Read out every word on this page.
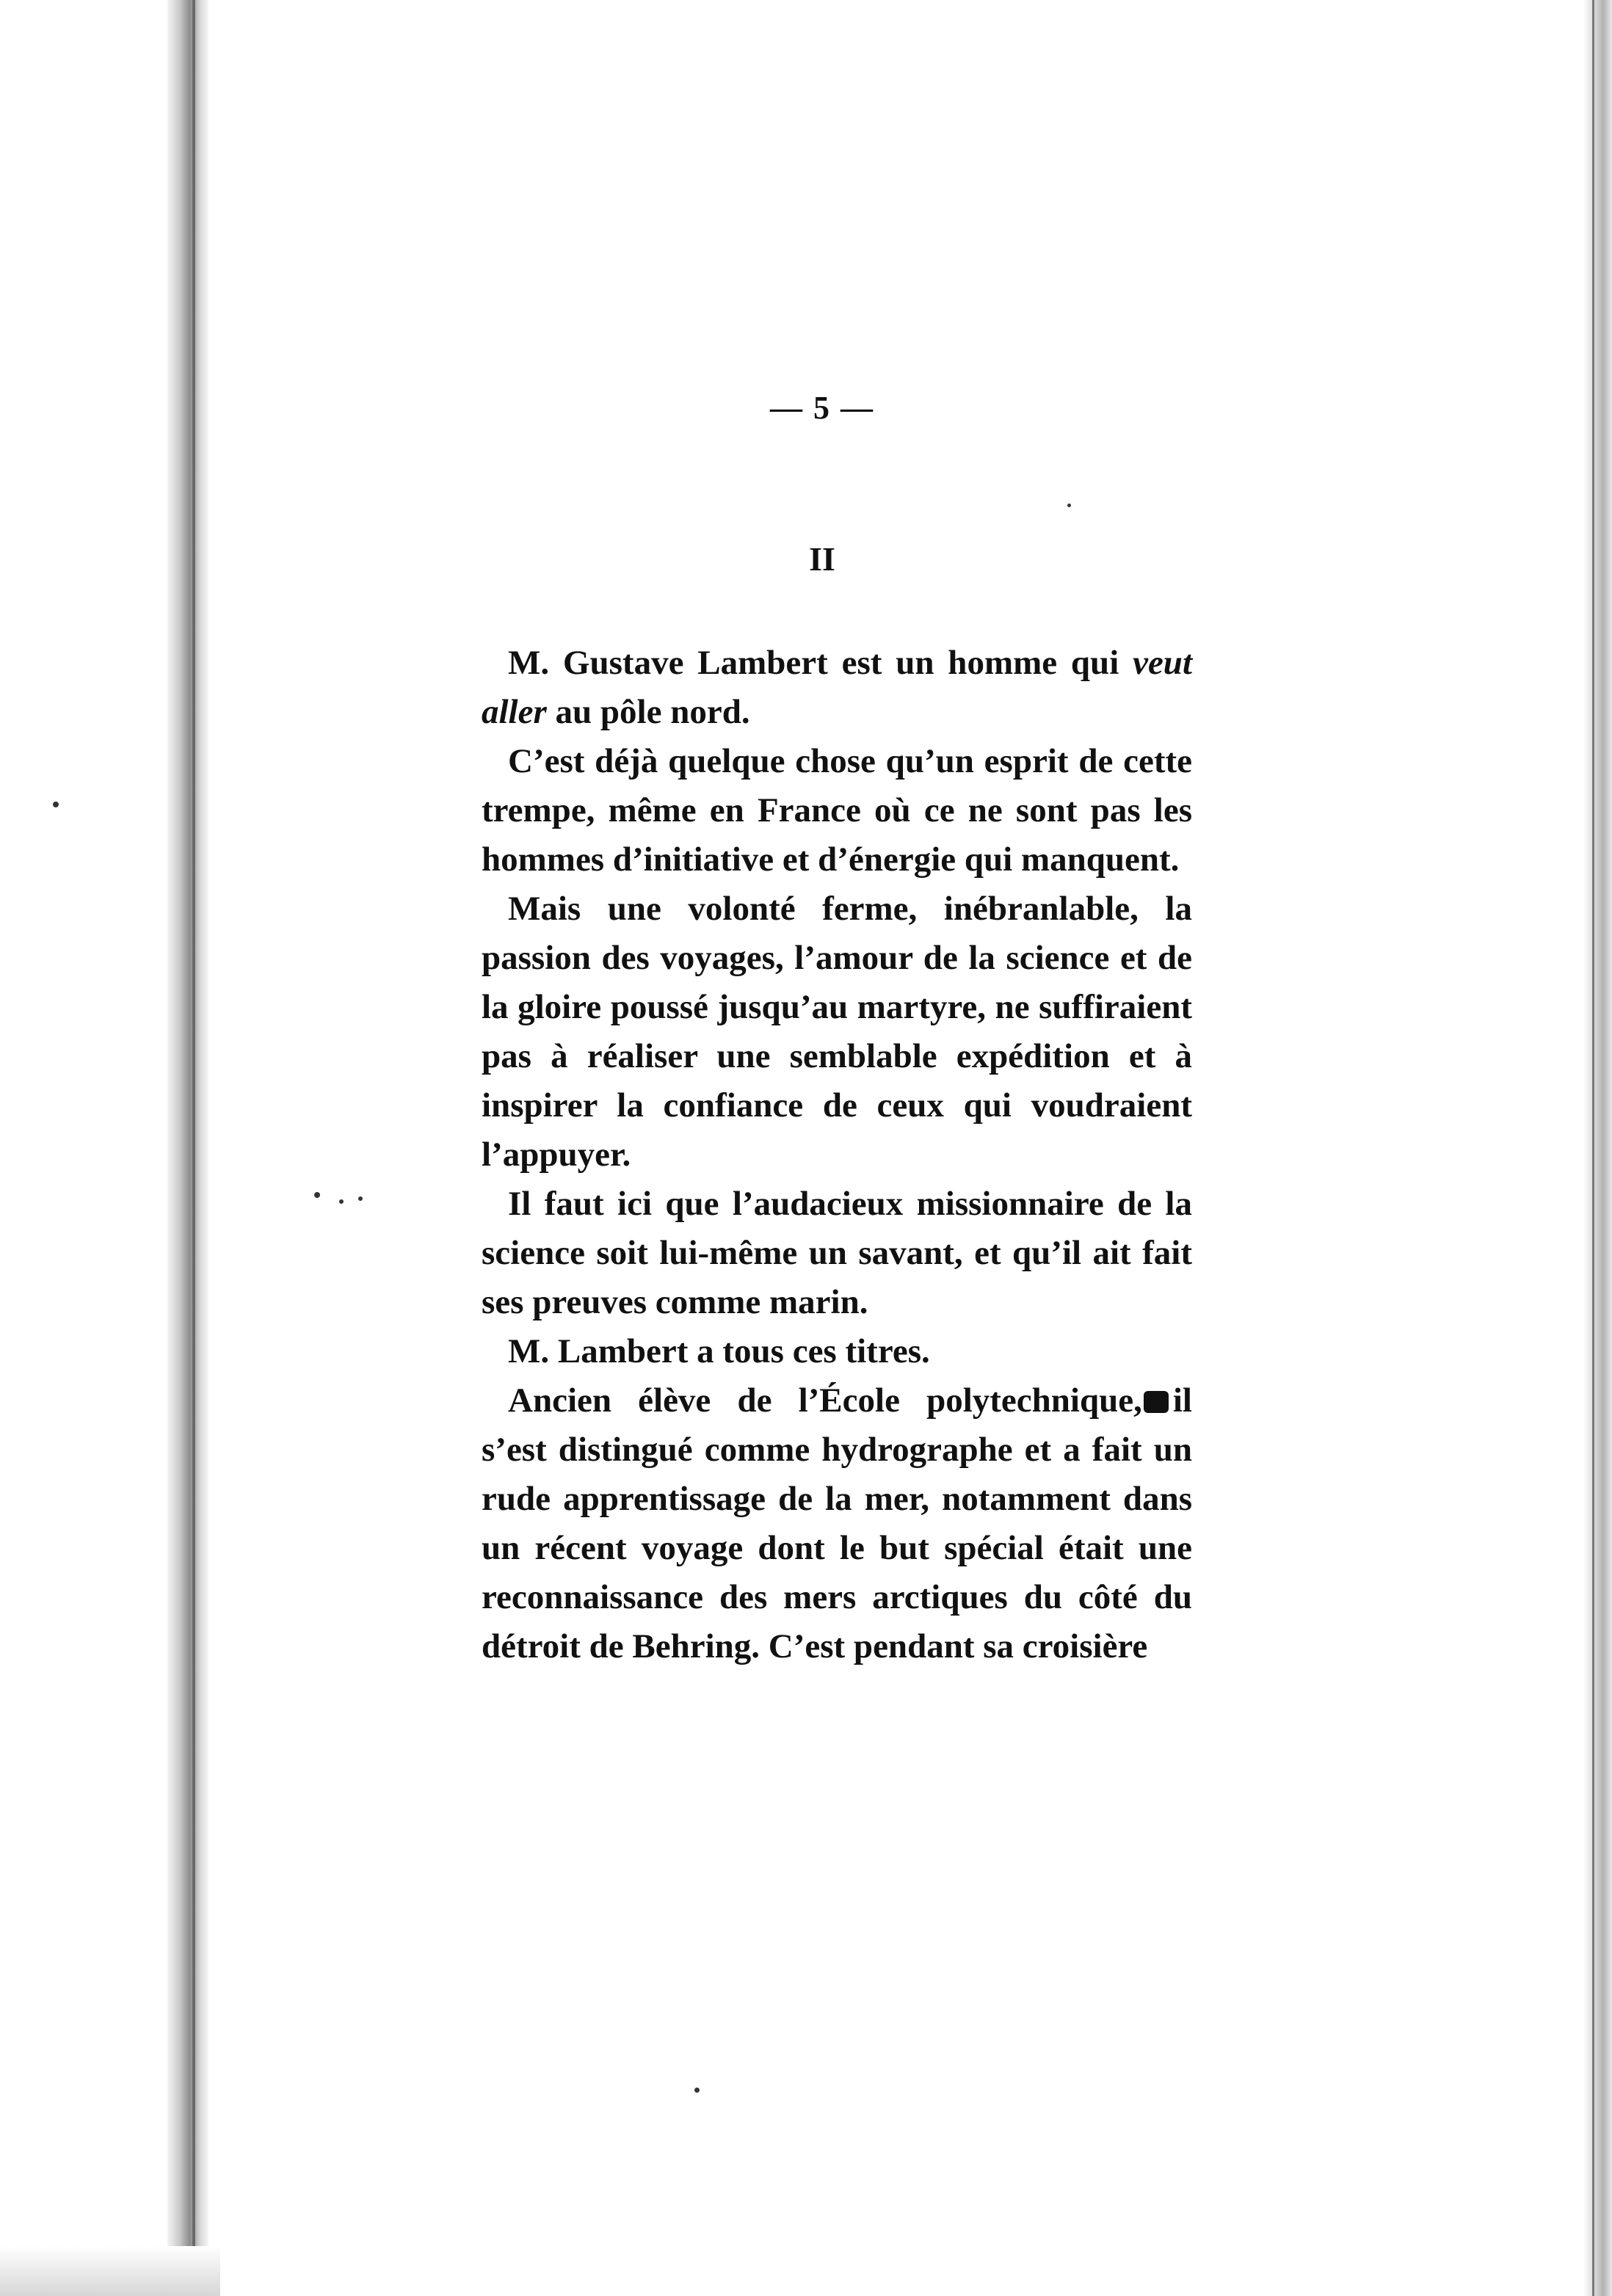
— 5 —
II

M. Gustave Lambert est un homme qui veut aller au pôle nord.

C’est déjà quelque chose qu’un esprit de cette trempe, même en France où ce ne sont pas les hommes d’initiative et d’énergie qui manquent.

Mais une volonté ferme, inébranlable, la passion des voyages, l’amour de la science et de la gloire poussé jusqu’au martyre, ne suffiraient pas à réaliser une semblable expédition et à inspirer la confiance de ceux qui voudraient l’appuyer.

Il faut ici que l’audacieux missionnaire de la science soit lui-même un savant, et qu’il ait fait ses preuves comme marin.

M. Lambert a tous ces titres.

Ancien élève de l’École polytechnique, il s’est distingué comme hydrographe et a fait un rude apprentissage de la mer, notamment dans un récent voyage dont le but spécial était une reconnaissance des mers arctiques du côté du détroit de Behring. C’est pendant sa croisière
